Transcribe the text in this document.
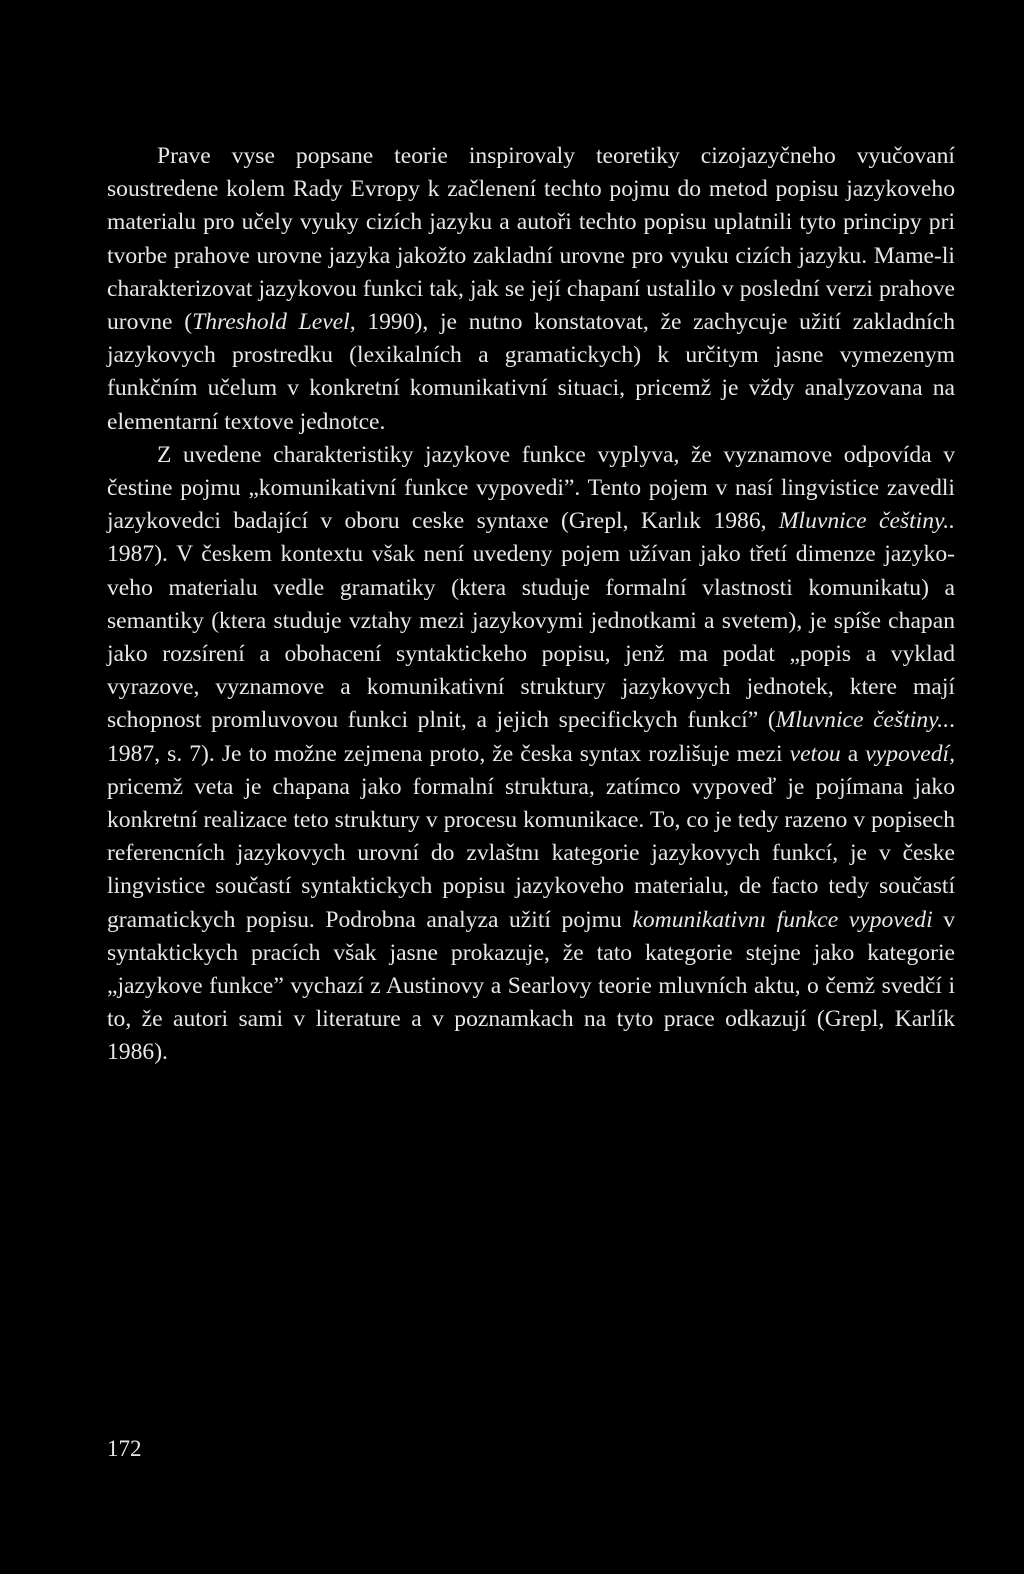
Prave vyse popsane teorie inspirovaly teoretiky cizojazyčneho vyučovaní soustredene kolem Rady Evropy k začlenení techto pojmu do metod popisu jazykoveho materialu pro učely vyuky cizích jazyku a autoři techto popisu uplatnili tyto principy pri tvorbe prahove urovne jazyka jakožto zakladní urovne pro vyuku cizích jazyku. Mame-li charakterizovat jazykovou funkci tak, jak se její chapaní ustalilo v poslední verzi prahove urovne (Threshold Level, 1990), je nutno konstatovat, že zachycuje užití zakladních jazykovych prostredku (lexikalních a gramatickych) k určitym jasne vymezenym funkčním učelum v konkretní komunikativní situaci, pricemž je vždy analyzovana na elementarní textove jednotce.

Z uvedene charakteristiky jazykove funkce vyplyva, že vyznamove odpovída v čestine pojmu „komunikativní funkce vypovedi”. Tento pojem v nasí lingvistice zavedli jazykovedci badající v oboru ceske syntaxe (Grepl, Karlık 1986, Mluvnice češtiny.. 1987). V českem kontextu však není uvedeny pojem užívan jako třetí dimenze jazykoveho materialu vedle gramatiky (ktera studuje formalní vlastnosti komunikatu) a semantiky (ktera studuje vztahy mezi jazykovymi jednotkami a svetem), je spíše chapan jako rozsírení a obohacení syntaktickeho popisu, jenž ma podat „popis a vyklad vyrazove, vyznamove a komunikativní struktury jazykovych jednotek, ktere mají schopnost promluvovou funkci plnit, a jejich specifickych funkcí” (Mluvnice češtiny... 1987, s. 7). Je to možne zejmena proto, že česka syntax rozlišuje mezi vetou a vypovedí, pricemž veta je chapana jako formalní struktura, zatímco vypoveď je pojímana jako konkretní realizace teto struktury v procesu komunikace. To, co je tedy razeno v popisech referencních jazykovych urovní do zvlaštnı kategorie jazykovych funkcí, je v česke lingvistice součastí syntaktickych popisu jazykoveho materialu, de facto tedy součastí gramatickych popisu. Podrobna analyza užití pojmu komunikativnı funkce vypovedi v syntaktickych pracích však jasne prokazuje, že tato kategorie stejne jako kategorie „jazykove funkce” vychazí z Austinovy a Searlovy teorie mluvních aktu, o čemž svedčí i to, že autori sami v literature a v poznamkach na tyto prace odkazují (Grepl, Karlík 1986).

172
